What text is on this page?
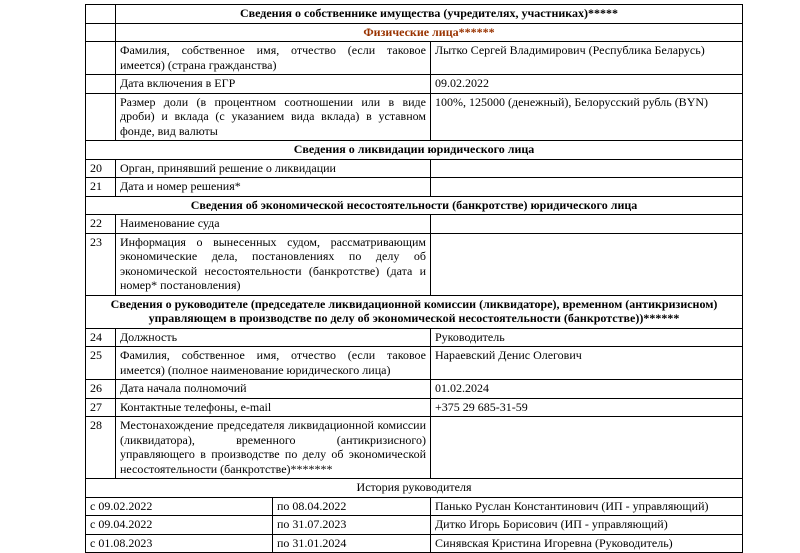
	Сведения о собственнике имущества (учредителях, участниках)*****		
	Физические лица******		
	Фамилия, собственное имя, отчество (если таковое имеется) (страна гражданства)		Лытко Сергей Владимирович (Республика Беларусь)
	Дата включения в ЕГР		09.02.2022
	Размер доли (в процентном соотношении или в виде дроби) и вклада (с указанием вида вклада) в уставном фонде, вид валюты		100%, 125000 (денежный), Белорусский рубль (BYN)
Сведения о ликвидации юридического лица			
20	Орган, принявший решение о ликвидации		
21	Дата и номер решения*		
Сведения об экономической несостоятельности (банкротстве) юридического лица			
22	Наименование суда		
23	Информация о вынесенных судом, рассматривающим экономические дела, постановлениях по делу об экономической несостоятельности (банкротстве) (дата и номер* постановления)		
Сведения о руководителе (председателе ликвидационной комиссии (ликвидаторе), временном (антикризисном) управляющем в производстве по делу об экономической несостоятельности (банкротстве))******			
24	Должность		Руководитель
25	Фамилия, собственное имя, отчество (если таковое имеется) (полное наименование юридического лица)		Нараевский Денис Олегович
26	Дата начала полномочий		01.02.2024
27	Контактные телефоны, e-mail		+375 29 685-31-59
28	Местонахождение председателя ликвидационной комиссии (ликвидатора), временного (антикризисного) управляющего в производстве по делу об экономической несостоятельности (банкротстве)*******		
История руководителя			
с 09.02.2022		по 08.04.2022	Панько Руслан Константинович (ИП - управляющий)
с 09.04.2022		по 31.07.2023	Дитко Игорь Борисович (ИП - управляющий)
с 01.08.2023		по 31.01.2024	Синявская Кристина Игоревна (Руководитель)
